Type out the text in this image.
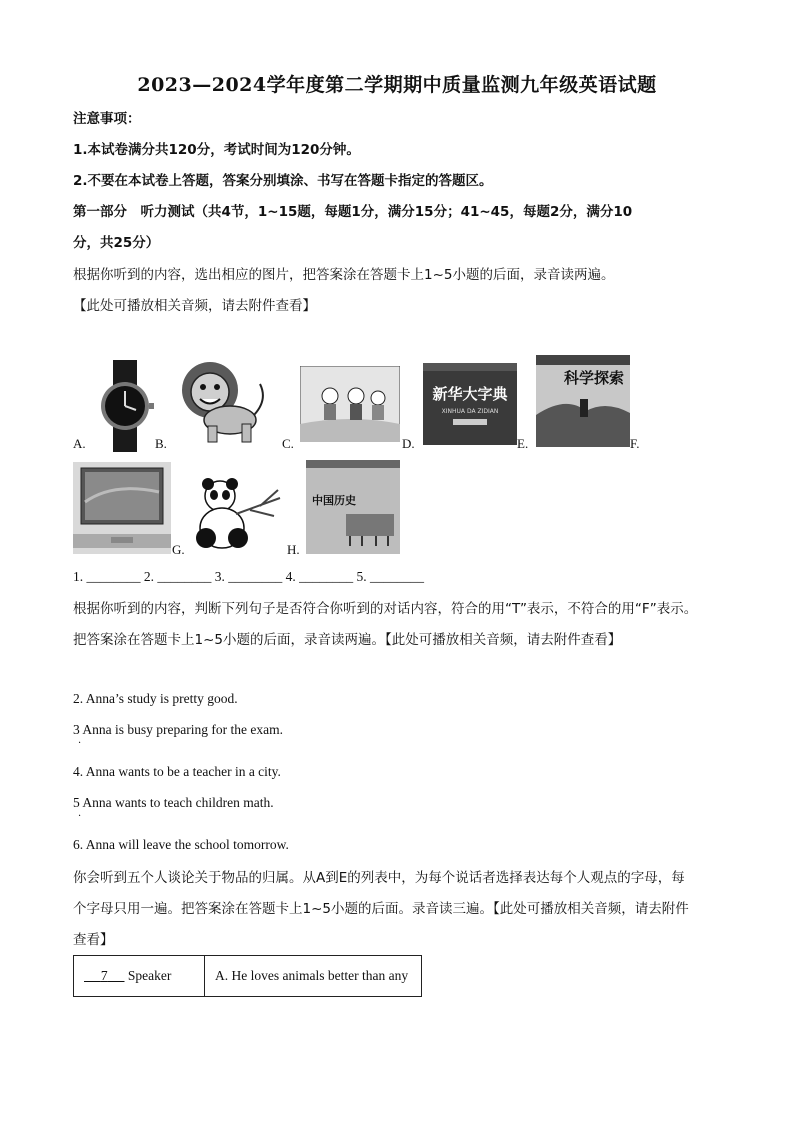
2023—2024学年度第二学期期中质量监测九年级英语试题
注意事项：
1.本试卷满分共120分，考试时间为120分钟。
2.不要在本试卷上答题，答案分别填涂、书写在答题卡指定的答题区。
第一部分　听力测试（共4节，1~15题，每题1分，满分15分；41~45，每题2分，满分10
分，共25分）
根据你听到的内容，选出相应的图片，把答案涂在答题卡上1~5小题的后面，录音读两遍。
【此处可播放相关音频，请去附件查看】
新华大字典
XINHUA DA ZIDIAN
科学探索
A.	B.	C.	D.	E.	F.
中国历史
G.	H.
1. ________ 2. ________ 3. ________ 4. ________ 5. ________
根据你听到的内容，判断下列句子是否符合你听到的对话内容，符合的用“T”表示，不符合的用“F”表示。
把答案涂在答题卡上1~5小题的后面，录音读两遍。【此处可播放相关音频，请去附件查看】
2. Anna’s study is pretty good.
3 Anna is busy preparing for the exam.
·
4. Anna wants to be a teacher in a city.
5 Anna wants to teach children math.
·
6. Anna will leave the school tomorrow.
你会听到五个人谈论关于物品的归属。从A到E的列表中，为每个说话者选择表达每个人观点的字母，每
个字母只用一遍。把答案涂在答题卡上1~5小题的后面。录音读三遍。【此处可播放相关音频，请去附件
查看】
7 Speaker	A. He loves animals better than any
